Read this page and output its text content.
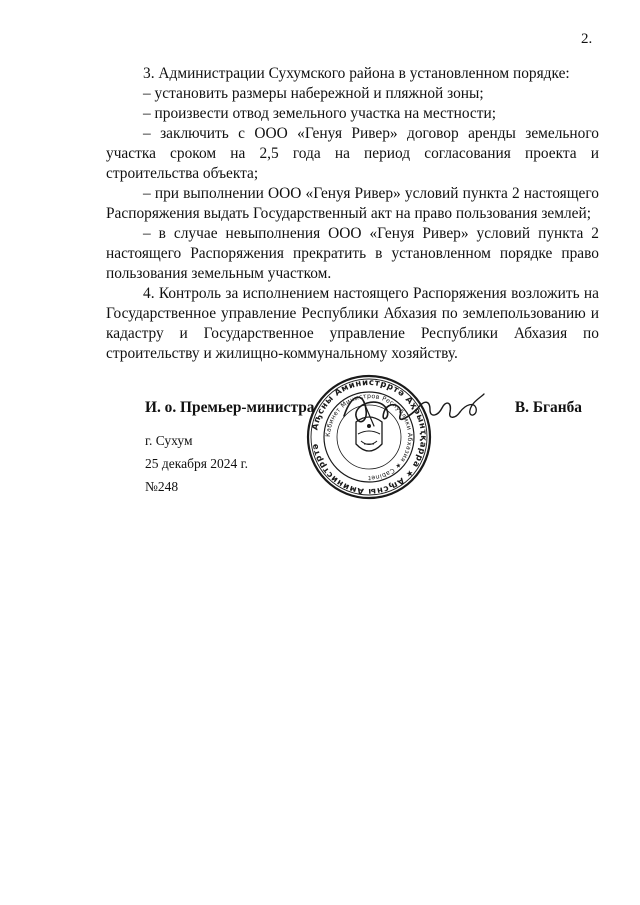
2.

3. Администрации Сухумского района в установленном порядке:

– установить размеры набережной и пляжной зоны;

– произвести отвод земельного участка на местности;

– заключить с ООО «Генуя Ривер» договор аренды земельного участка сроком на 2,5 года на период согласования проекта и строительства объекта;

– при выполнении ООО «Генуя Ривер» условий пункта 2 настоящего Распоряжения выдать Государственный акт на право пользования землей;

– в случае невыполнения ООО «Генуя Ривер» условий пункта 2 настоящего Распоряжения прекратить в установленном порядке право пользования земельным участком.

4. Контроль за исполнением настоящего Распоряжения возложить на Государственное управление Республики Абхазия по землепользованию и кадастру и Государственное управление Республики Абхазия по строительству и жилищно-коммунальному хозяйству.

Аҧсны Аминистрртә Аҳәынҭқарра ★ Аҧсны Аминистрртә
Кабинет Министров Республики Абхазия ★ Cabinet
И. о. Премьер-министра	В. Бганба
г. Сухум
25 декабря 2024 г.
№248
